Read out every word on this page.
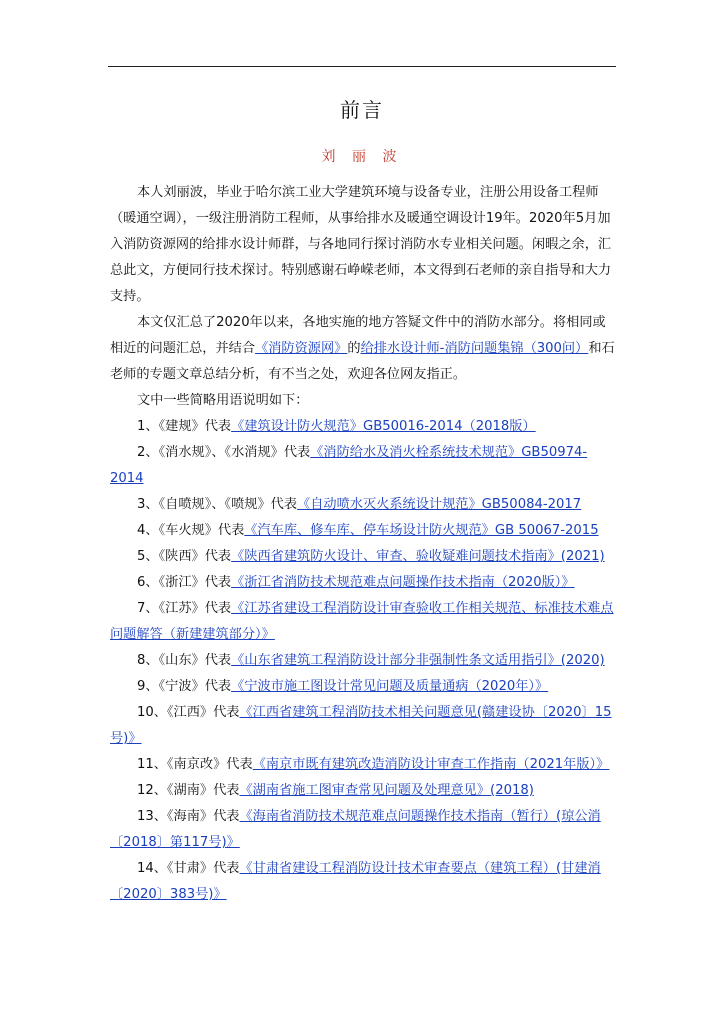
前言
刘 丽 波

本人刘丽波，毕业于哈尔滨工业大学建筑环境与设备专业，注册公用设备工程师（暖通空调），一级注册消防工程师，从事给排水及暖通空调设计19年。2020年5月加入消防资源网的给排水设计师群，与各地同行探讨消防水专业相关问题。闲暇之余，汇总此文，方便同行技术探讨。特别感谢石峥嵘老师，本文得到石老师的亲自指导和大力支持。

本文仅汇总了2020年以来，各地实施的地方答疑文件中的消防水部分。将相同或相近的问题汇总，并结合《消防资源网》的给排水设计师-消防问题集锦（300问）和石老师的专题文章总结分析，有不当之处，欢迎各位网友指正。

文中一些简略用语说明如下：

1、《建规》代表《建筑设计防火规范》GB50016-2014（2018版）

2、《消水规》、《水消规》代表《消防给水及消火栓系统技术规范》GB50974-2014

3、《自喷规》、《喷规》代表《自动喷水灭火系统设计规范》GB50084-2017

4、《车火规》代表《汽车库、修车库、停车场设计防火规范》GB 50067-2015

5、《陕西》代表《陕西省建筑防火设计、审查、验收疑难问题技术指南》(2021)

6、《浙江》代表《浙江省消防技术规范难点问题操作技术指南（2020版）》

7、《江苏》代表《江苏省建设工程消防设计审查验收工作相关规范、标准技术难点问题解答（新建建筑部分）》

8、《山东》代表《山东省建筑工程消防设计部分非强制性条文适用指引》(2020)

9、《宁波》代表《宁波市施工图设计常见问题及质量通病（2020年）》

10、《江西》代表《江西省建筑工程消防技术相关问题意见(赣建设协〔2020〕15号)》

11、《南京改》代表《南京市既有建筑改造消防设计审查工作指南（2021年版）》

12、《湖南》代表《湖南省施工图审查常见问题及处理意见》(2018)

13、《海南》代表《海南省消防技术规范难点问题操作技术指南（暂行）(琼公消〔2018〕第117号)》

14、《甘肃》代表《甘肃省建设工程消防设计技术审查要点（建筑工程）(甘建消〔2020〕383号)》
